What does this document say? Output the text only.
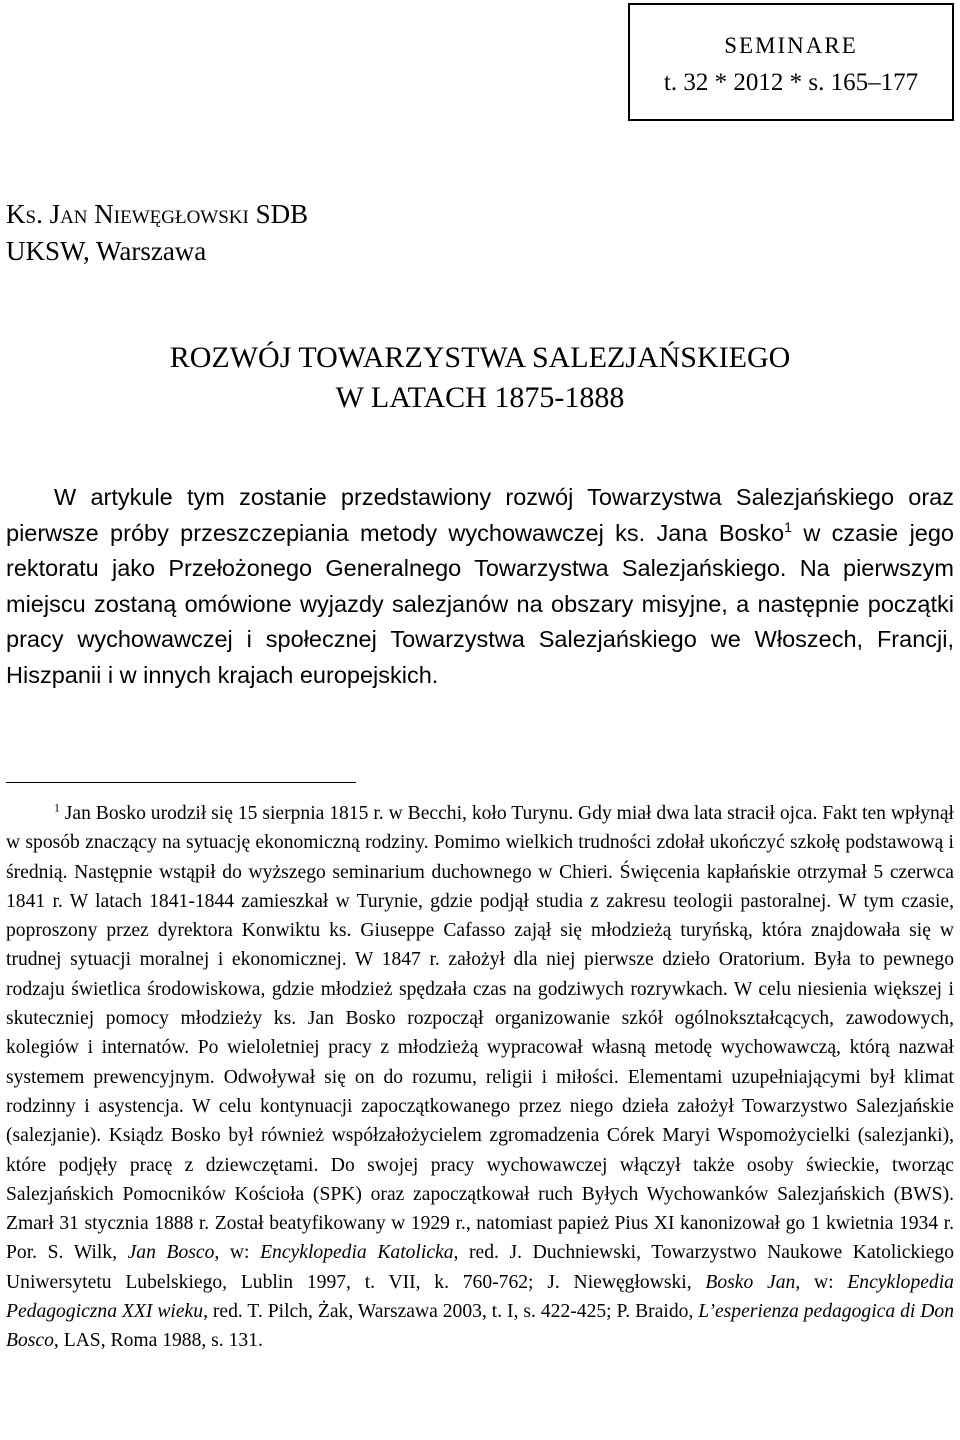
SEMINARE
t. 32 * 2012 * s. 165–177
Ks. Jan Niewęgłowski SDB
UKSW, Warszawa
ROZWÓJ TOWARZYSTWA SALEZJAŃSKIEGO
W LATACH 1875-1888

W artykule tym zostanie przedstawiony rozwój Towarzystwa Salezjańskiego oraz pierwsze próby przeszczepiania metody wychowawczej ks. Jana Bosko$^1$ w czasie jego rektoratu jako Przełożonego Generalnego Towarzystwa Salezjańskiego. Na pierwszym miejscu zostaną omówione wyjazdy salezjanów na obszary misyjne, a następnie początki pracy wychowawczej i społecznej Towarzystwa Salezjańskiego we Włoszech, Francji, Hiszpanii i w innych krajach europejskich.

$^1$ Jan Bosko urodził się 15 sierpnia 1815 r. w Becchi, koło Turynu. Gdy miał dwa lata stracił ojca. Fakt ten wpłynął w sposób znaczący na sytuację ekonomiczną rodziny. Pomimo wielkich trudności zdołał ukończyć szkołę podstawową i średnią. Następnie wstąpił do wyższego seminarium duchownego w Chieri. Święcenia kapłańskie otrzymał 5 czerwca 1841 r. W latach 1841-1844 zamieszkał w Turynie, gdzie podjął studia z zakresu teologii pastoralnej. W tym czasie, poproszony przez dyrektora Konwiktu ks. Giuseppe Cafasso zajął się młodzieżą turyńską, która znajdowała się w trudnej sytuacji moralnej i ekonomicznej. W 1847 r. założył dla niej pierwsze dzieło Oratorium. Była to pewnego rodzaju świetlica środowiskowa, gdzie młodzież spędzała czas na godziwych rozrywkach. W celu niesienia większej i skuteczniej pomocy młodzieży ks. Jan Bosko rozpoczął organizowanie szkół ogólnokształcących, zawodowych, kolegiów i internatów. Po wieloletniej pracy z młodzieżą wypracował własną metodę wychowawczą, którą nazwał systemem prewencyjnym. Odwoływał się on do rozumu, religii i miłości. Elementami uzupełniającymi był klimat rodzinny i asystencja. W celu kontynuacji zapoczątkowanego przez niego dzieła założył Towarzystwo Salezjańskie (salezjanie). Ksiądz Bosko był również współzałożycielem zgromadzenia Córek Maryi Wspomożycielki (salezjanki), które podjęły pracę z dziewczętami. Do swojej pracy wychowawczej włączył także osoby świeckie, tworząc Salezjańskich Pomocników Kościoła (SPK) oraz zapoczątkował ruch Byłych Wychowanków Salezjańskich (BWS). Zmarł 31 stycznia 1888 r. Został beatyfikowany w 1929 r., natomiast papież Pius XI kanonizował go 1 kwietnia 1934 r. Por. S. Wilk, Jan Bosco, w: Encyklopedia Katolicka, red. J. Duchniewski, Towarzystwo Naukowe Katolickiego Uniwersytetu Lubelskiego, Lublin 1997, t. VII, k. 760-762; J. Niewęgłowski, Bosko Jan, w: Encyklopedia Pedagogiczna XXI wieku, red. T. Pilch, Żak, Warszawa 2003, t. I, s. 422-425; P. Braido, L’esperienza pedagogica di Don Bosco, LAS, Roma 1988, s. 131.
